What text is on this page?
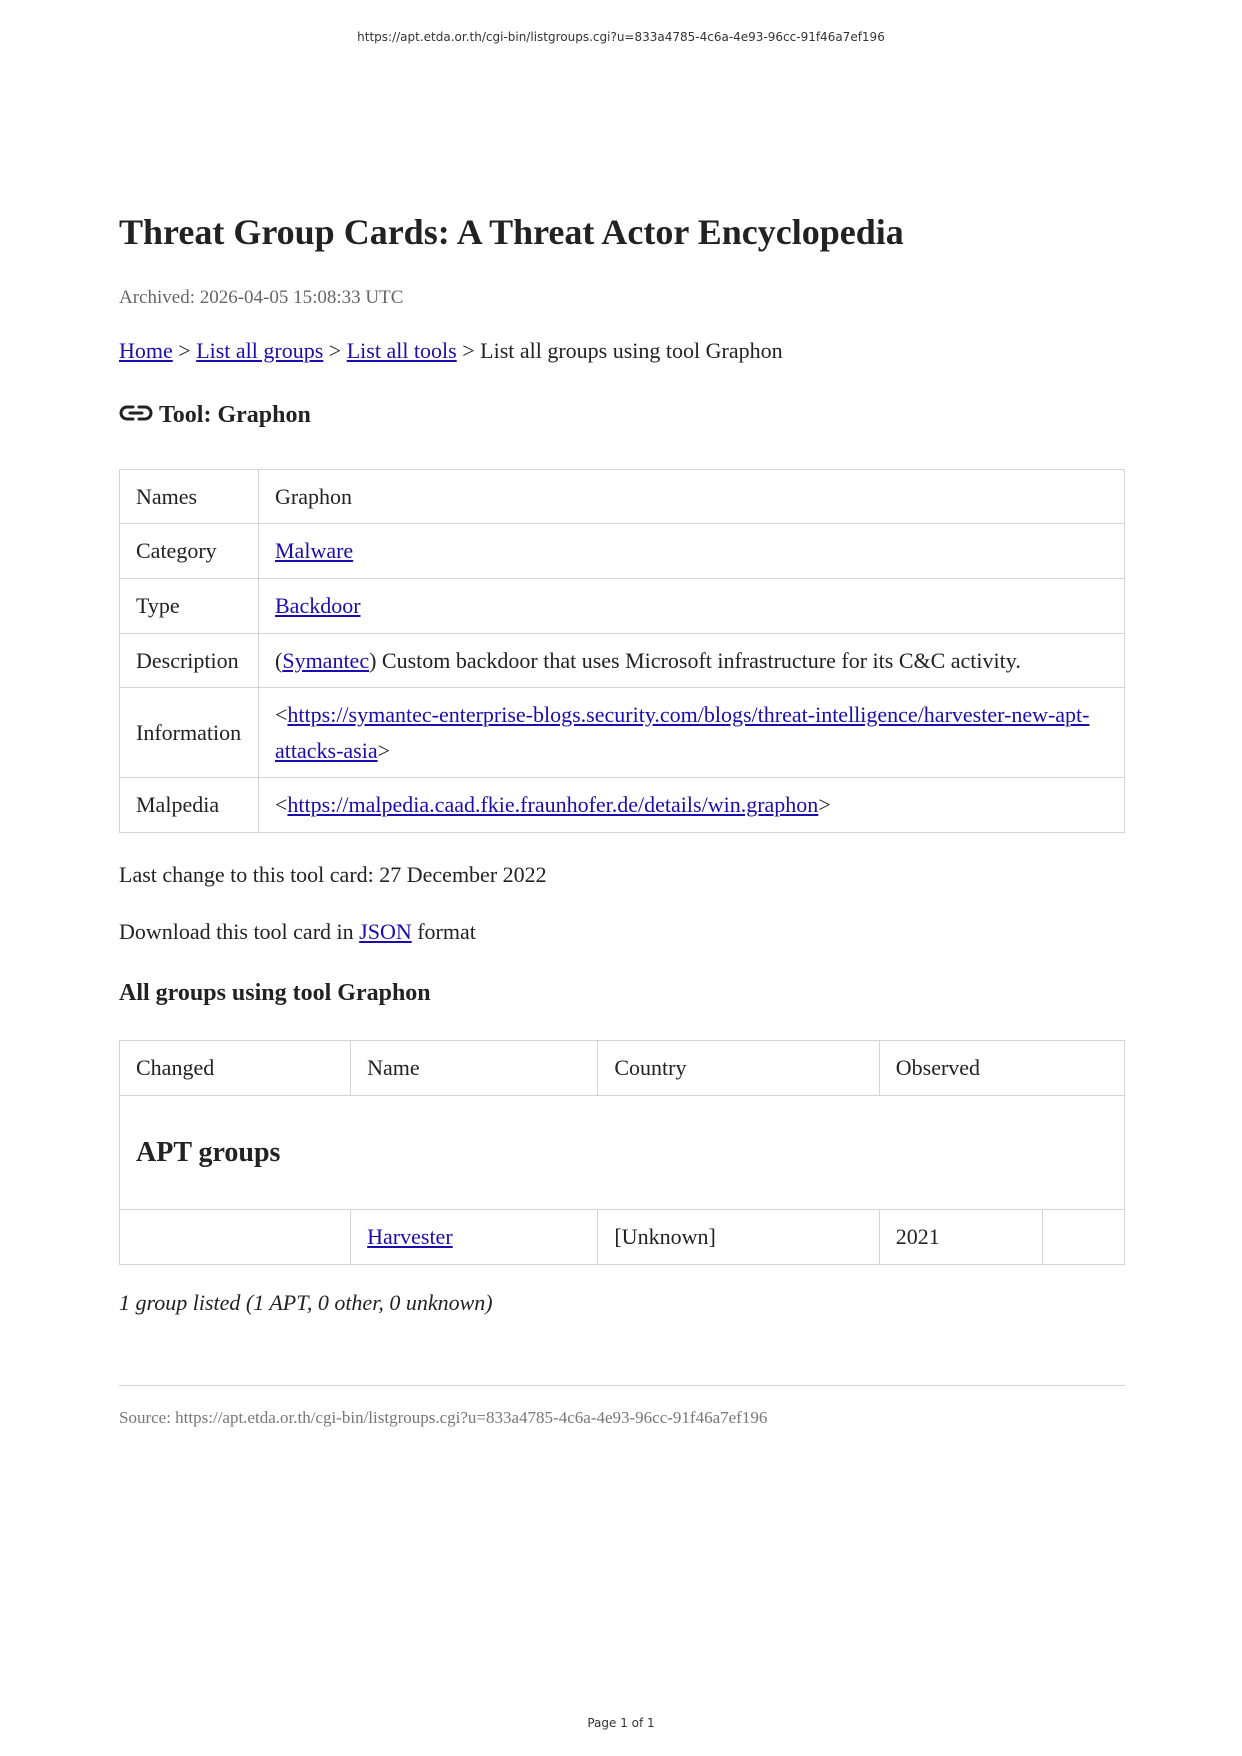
https://apt.etda.or.th/cgi-bin/listgroups.cgi?u=833a4785-4c6a-4e93-96cc-91f46a7ef196
Threat Group Cards: A Threat Actor Encyclopedia
Archived: 2026-04-05 15:08:33 UTC
Home > List all groups > List all tools > List all groups using tool Graphon
Tool: Graphon
Names	Graphon
Category	Malware
Type	Backdoor
Description	(Symantec) Custom backdoor that uses Microsoft infrastructure for its C&C activity.
Information	<https://symantec-enterprise-blogs.security.com/blogs/threat-intelligence/harvester-new-apt-
attacks-asia>
Malpedia	<https://malpedia.caad.fkie.fraunhofer.de/details/win.graphon>
Last change to this tool card: 27 December 2022
Download this tool card in JSON format
All groups using tool Graphon
Changed	Name	Country	Observed	
APT groups				
	Harvester	[Unknown]	2021	
1 group listed (1 APT, 0 other, 0 unknown)
Source: https://apt.etda.or.th/cgi-bin/listgroups.cgi?u=833a4785-4c6a-4e93-96cc-91f46a7ef196
Page 1 of 1
